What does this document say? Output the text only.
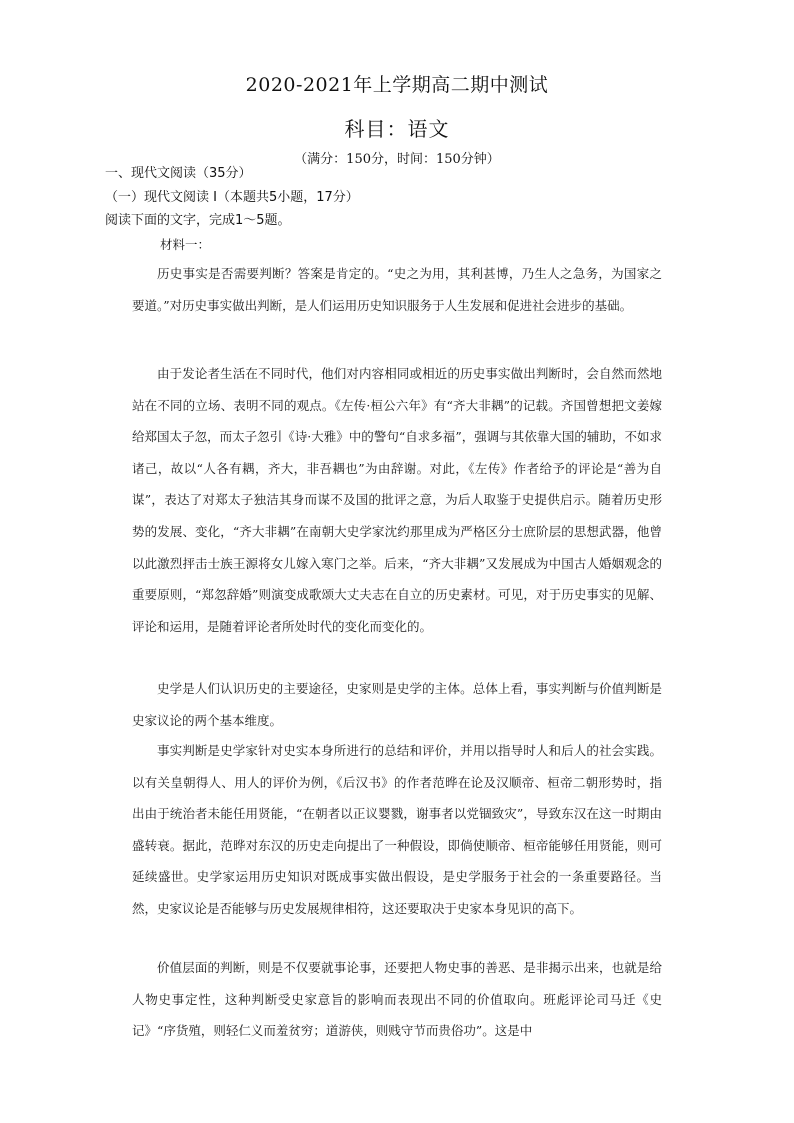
2020-2021年上学期高二期中测试
科目：语文
（满分：150分，时间：150分钟）
一、现代文阅读（35分）
（一）现代文阅读 I（本题共5小题，17分）
阅读下面的文字，完成1～5题。
材料一：

历史事实是否需要判断？答案是肯定的。“史之为用，其利甚博，乃生人之急务，为国家之要道。”对历史事实做出判断，是人们运用历史知识服务于人生发展和促进社会进步的基础。

由于发论者生活在不同时代，他们对内容相同或相近的历史事实做出判断时，会自然而然地站在不同的立场、表明不同的观点。《左传·桓公六年》有“齐大非耦”的记载。齐国曾想把文姜嫁给郑国太子忽，而太子忽引《诗·大雅》中的警句“自求多福”，强调与其依靠大国的辅助，不如求诸己，故以“人各有耦，齐大，非吾耦也”为由辞谢。对此，《左传》作者给予的评论是“善为自谋”，表达了对郑太子独洁其身而谋不及国的批评之意，为后人取鉴于史提供启示。随着历史形势的发展、变化，“齐大非耦”在南朝大史学家沈约那里成为严格区分士庶阶层的思想武器，他曾以此激烈抨击士族王源将女儿嫁入寒门之举。后来，“齐大非耦”又发展成为中国古人婚姻观念的重要原则，“郑忽辞婚”则演变成歌颂大丈夫志在自立的历史素材。可见，对于历史事实的见解、评论和运用，是随着评论者所处时代的变化而变化的。

史学是人们认识历史的主要途径，史家则是史学的主体。总体上看，事实判断与价值判断是史家议论的两个基本维度。

事实判断是史学家针对史实本身所进行的总结和评价，并用以指导时人和后人的社会实践。以有关皇朝得人、用人的评价为例，《后汉书》的作者范晔在论及汉顺帝、桓帝二朝形势时，指出由于统治者未能任用贤能，“在朝者以正议婴戮，谢事者以党锢致灾”，导致东汉在这一时期由盛转衰。据此，范晔对东汉的历史走向提出了一种假设，即倘使顺帝、桓帝能够任用贤能，则可延续盛世。史学家运用历史知识对既成事实做出假设，是史学服务于社会的一条重要路径。当然，史家议论是否能够与历史发展规律相符，这还要取决于史家本身见识的高下。

价值层面的判断，则是不仅要就事论事，还要把人物史事的善恶、是非揭示出来，也就是给人物史事定性，这种判断受史家意旨的影响而表现出不同的价值取向。班彪评论司马迁《史记》“序货殖，则轻仁义而羞贫穷；道游侠，则贱守节而贵俗功”。这是中
